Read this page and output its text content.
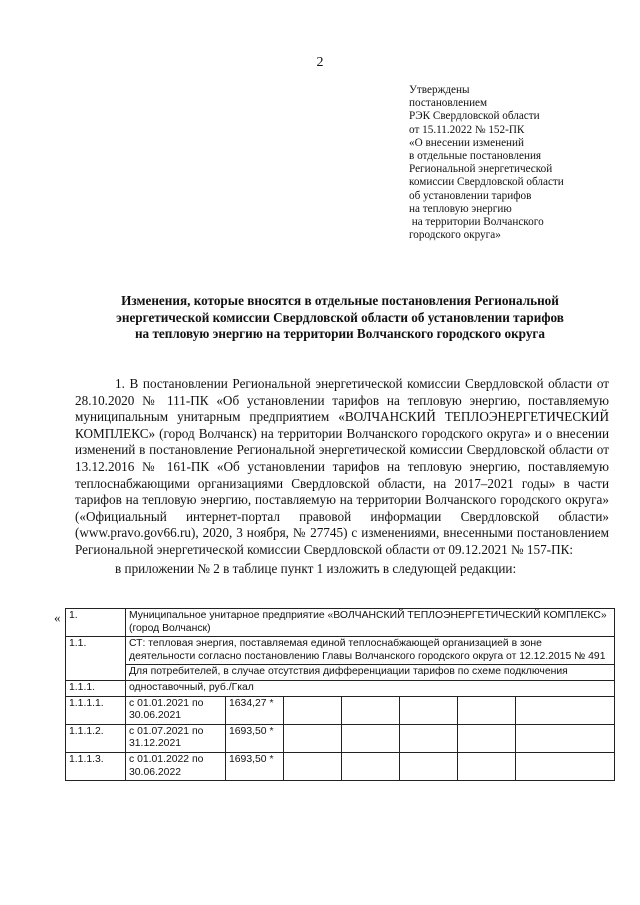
2
Утверждены
постановлением
РЭК Свердловской области
от 15.11.2022 № 152-ПК
«О внесении изменений
в отдельные постановления
Региональной энергетической
комиссии Свердловской области
об установлении тарифов
на тепловую энергию
на территории Волчанского
городского округа»
Изменения, которые вносятся в отдельные постановления Региональной
энергетической комиссии Свердловской области об установлении тарифов
на тепловую энергию на территории Волчанского городского округа

1. В постановлении Региональной энергетической комиссии Свердловской области от 28.10.2020 № 111-ПК «Об установлении тарифов на тепловую энергию, поставляемую муниципальным унитарным предприятием «ВОЛЧАНСКИЙ ТЕПЛОЭНЕРГЕТИЧЕСКИЙ КОМПЛЕКС» (город Волчанск) на территории Волчанского городского округа» и о внесении изменений в постановление Региональной энергетической комиссии Свердловской области от 13.12.2016 № 161-ПК «Об установлении тарифов на тепловую энергию, поставляемую теплоснабжающими организациями Свердловской области, на 2017–2021 годы» в части тарифов на тепловую энергию, поставляемую на территории Волчанского городского округа» («Официальный интернет-портал правовой информации Свердловской области» (www.pravo.gov66.ru), 2020, 3 ноября, № 27745) с изменениями, внесенными постановлением Региональной энергетической комиссии Свердловской области от 09.12.2021 № 157-ПК:

в приложении № 2 в таблице пункт 1 изложить в следующей редакции:

« 1.	Муниципальное унитарное предприятие «ВОЛЧАНСКИЙ ТЕПЛОЭНЕРГЕТИЧЕСКИЙ КОМПЛЕКС» (город Волчанск)						
1.1.	СТ: тепловая энергия, поставляемая единой теплоснабжающей организацией в зоне деятельности согласно постановлению Главы Волчанского городского округа от 12.12.2015 № 491						
	Для потребителей, в случае отсутствия дифференциации тарифов по схеме подключения						
1.1.1.	одноставочный, руб./Гкал						
1.1.1.1.	с 01.01.2021 по 30.06.2021	1634,27 *					
1.1.1.2.	с 01.07.2021 по 31.12.2021	1693,50 *					
1.1.1.3.	с 01.01.2022 по 30.06.2022	1693,50 *					
